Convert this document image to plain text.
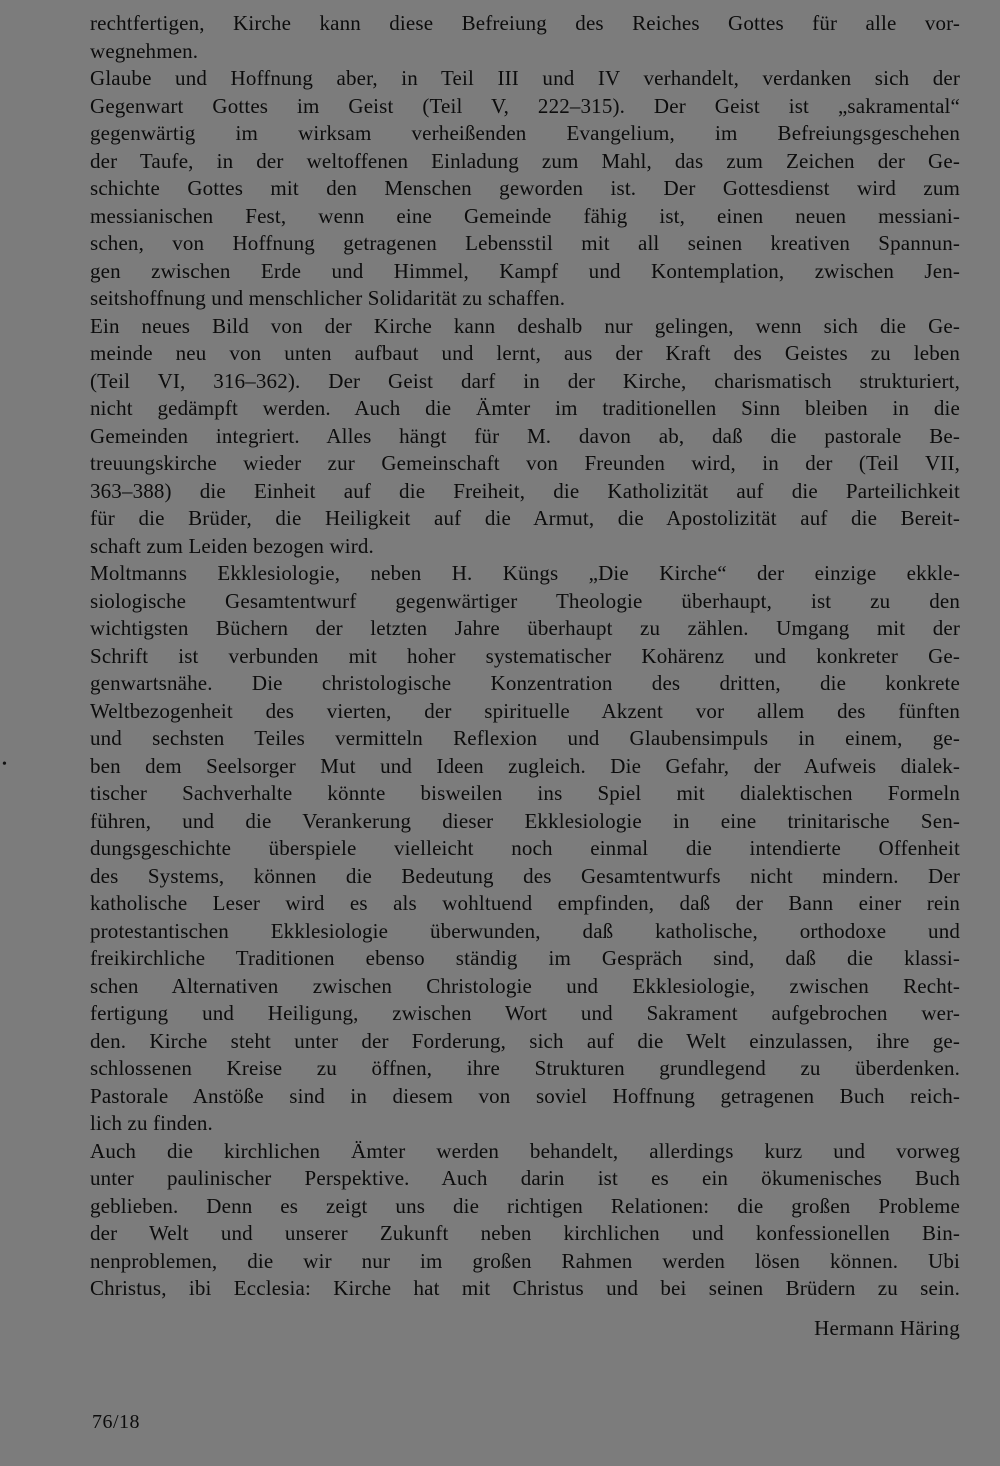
rechtfertigen, Kirche kann diese Befreiung des Reiches Gottes für alle vor-
wegnehmen.
Glaube und Hoffnung aber, in Teil III und IV verhandelt, verdanken sich der
Gegenwart Gottes im Geist (Teil V, 222–315). Der Geist ist „sakramental“
gegenwärtig im wirksam verheißenden Evangelium, im Befreiungsgeschehen
der Taufe, in der weltoffenen Einladung zum Mahl, das zum Zeichen der Ge-
schichte Gottes mit den Menschen geworden ist. Der Gottesdienst wird zum
messianischen Fest, wenn eine Gemeinde fähig ist, einen neuen messiani-
schen, von Hoffnung getragenen Lebensstil mit all seinen kreativen Spannun-
gen zwischen Erde und Himmel, Kampf und Kontemplation, zwischen Jen-
seitshoffnung und menschlicher Solidarität zu schaffen.
Ein neues Bild von der Kirche kann deshalb nur gelingen, wenn sich die Ge-
meinde neu von unten aufbaut und lernt, aus der Kraft des Geistes zu leben
(Teil VI, 316–362). Der Geist darf in der Kirche, charismatisch strukturiert,
nicht gedämpft werden. Auch die Ämter im traditionellen Sinn bleiben in die
Gemeinden integriert. Alles hängt für M. davon ab, daß die pastorale Be-
treuungskirche wieder zur Gemeinschaft von Freunden wird, in der (Teil VII,
363–388) die Einheit auf die Freiheit, die Katholizität auf die Parteilichkeit
für die Brüder, die Heiligkeit auf die Armut, die Apostolizität auf die Bereit-
schaft zum Leiden bezogen wird.
Moltmanns Ekklesiologie, neben H. Küngs „Die Kirche“ der einzige ekkle-
siologische Gesamtentwurf gegenwärtiger Theologie überhaupt, ist zu den
wichtigsten Büchern der letzten Jahre überhaupt zu zählen. Umgang mit der
Schrift ist verbunden mit hoher systematischer Kohärenz und konkreter Ge-
genwartsnähe. Die christologische Konzentration des dritten, die konkrete
Weltbezogenheit des vierten, der spirituelle Akzent vor allem des fünften
und sechsten Teiles vermitteln Reflexion und Glaubensimpuls in einem, ge-
ben dem Seelsorger Mut und Ideen zugleich. Die Gefahr, der Aufweis dialek-
tischer Sachverhalte könnte bisweilen ins Spiel mit dialektischen Formeln
führen, und die Verankerung dieser Ekklesiologie in eine trinitarische Sen-
dungsgeschichte überspiele vielleicht noch einmal die intendierte Offenheit
des Systems, können die Bedeutung des Gesamtentwurfs nicht mindern. Der
katholische Leser wird es als wohltuend empfinden, daß der Bann einer rein
protestantischen Ekklesiologie überwunden, daß katholische, orthodoxe und
freikirchliche Traditionen ebenso ständig im Gespräch sind, daß die klassi-
schen Alternativen zwischen Christologie und Ekklesiologie, zwischen Recht-
fertigung und Heiligung, zwischen Wort und Sakrament aufgebrochen wer-
den. Kirche steht unter der Forderung, sich auf die Welt einzulassen, ihre ge-
schlossenen Kreise zu öffnen, ihre Strukturen grundlegend zu überdenken.
Pastorale Anstöße sind in diesem von soviel Hoffnung getragenen Buch reich-
lich zu finden.
Auch die kirchlichen Ämter werden behandelt, allerdings kurz und vorweg
unter paulinischer Perspektive. Auch darin ist es ein ökumenisches Buch
geblieben. Denn es zeigt uns die richtigen Relationen: die großen Probleme
der Welt und unserer Zukunft neben kirchlichen und konfessionellen Bin-
nenproblemen, die wir nur im großen Rahmen werden lösen können. Ubi
Christus, ibi Ecclesia: Kirche hat mit Christus und bei seinen Brüdern zu sein.
Hermann Häring
76/18
•
